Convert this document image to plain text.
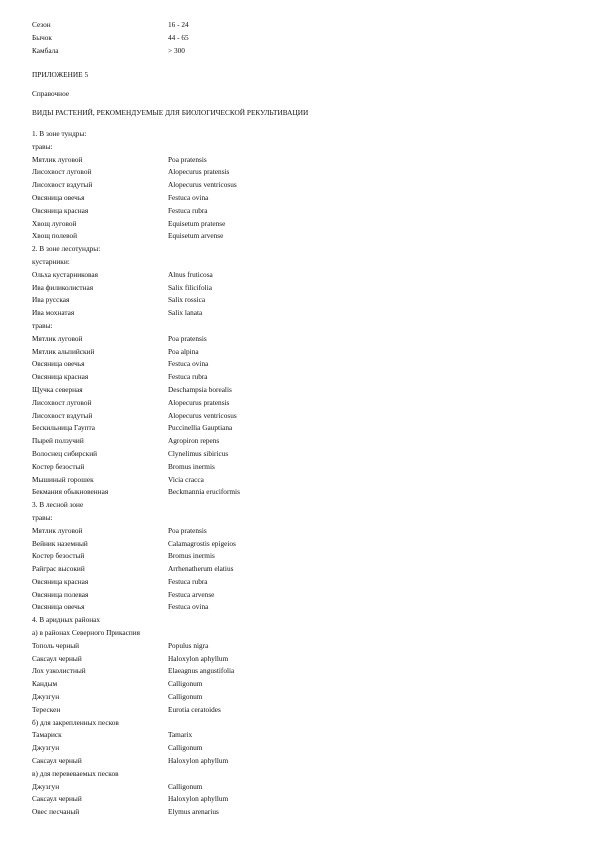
Сезон	16 - 24
Бычок	44 - 65
Камбала	> 300
ПРИЛОЖЕНИЕ 5
Справочное
ВИДЫ РАСТЕНИЙ, РЕКОМЕНДУЕМЫЕ ДЛЯ БИОЛОГИЧЕСКОЙ РЕКУЛЬТИВАЦИИ
1. В зоне тундры:
травы:
Мятлик луговой	Poa pratensis
Лисохвост луговой	Alopecurus pratensis
Лисохвост вздутый	Alopecurus ventricosus
Овсяница овечья	Festuca ovina
Овсяница красная	Festuca rubra
Хвощ луговой	Equisetum pratense
Хвощ полевой	Equisetum arvense
2. В зоне лесотундры:
кустарники:
Ольха кустарниковая	Alnus fruticosa
Ива филиколистная	Salix filicifolia
Ива русская	Salix rossica
Ива мохнатая	Salix lanata
травы:
Мятлик луговой	Poa pratensis
Мятлик альпийский	Poa alpina
Овсяница овечья	Festuca ovina
Овсяница красная	Festuca rubra
Щучка северная	Deschampsia borealis
Лисохвост луговой	Alopecurus pratensis
Лисохвост вздутый	Alopecurus ventricosus
Бескильница Гаупта	Puccinellia Gauptiana
Пырей ползучий	Agropiron repens
Волоснец сибирский	Clynelimus sibiricus
Костер безостый	Bromus inermis
Мышиный горошек	Vicia cracca
Бекмания обыкновенная	Beckmannia eruciformis
3. В лесной зоне
травы:
Мятлик луговой	Poa pratensis
Вейник наземный	Calamagrostis epigeios
Костер безостый	Bromus inermis
Райграс высокий	Arrhenatherum elatius
Овсяница красная	Festuca rubra
Овсяница полевая	Festuca arvense
Овсяница овечья	Festuca ovina
4. В аридных районах
а) в районах Северного Прикаспия
Тополь черный	Populus nigra
Саксаул черный	Haloxylon aphyllum
Лох узколистный	Elaeagnus angustifolia
Кандым	Calligonum
Джузгун	Calligonum
Терескен	Eurotia ceratoides
б) для закрепленных песков
Тамариск	Tamarix
Джузгун	Calligonum
Саксаул черный	Haloxylon aphyllum
в) для перевеваемых песков
Джузгун	Calligonum
Саксаул черный	Haloxylon aphyllum
Овес песчаный	Elymus arenarius
